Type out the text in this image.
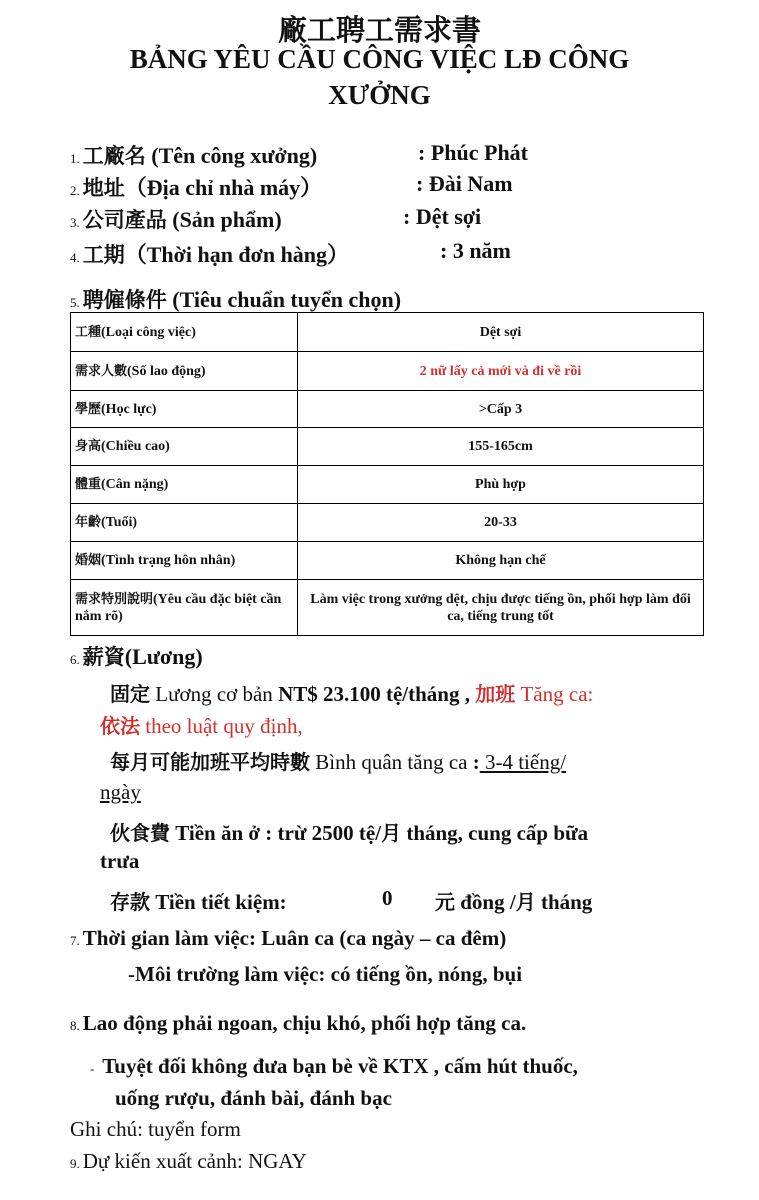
廠工聘工需求書
BẢNG YÊU CẦU CÔNG VIỆC LĐ CÔNG
XƯỞNG
1. 工廠名 (Tên công xưởng)	: Phúc Phát
2. 地址（Địa chỉ nhà máy）	: Đài Nam
3. 公司產品 (Sản phẩm)	: Dệt sợi
4. 工期（Thời hạn đơn hàng）	: 3 năm
5. 聘僱條件 (Tiêu chuẩn tuyển chọn)
工種(Loại công việc)	Dệt sợi
需求人數(Số lao động)	2 nữ lấy cả mới và đi về rồi
學歷(Học lực)	>Cấp 3
身高(Chiều cao)	155-165cm
體重(Cân nặng)	Phù hợp
年齡(Tuổi)	20-33
婚姻(Tình trạng hôn nhân)	Không hạn chế
需求特別說明(Yêu cầu đặc biệt cần nắm rõ)	Làm việc trong xưởng dệt, chịu được tiếng ồn, phối hợp làm đổi ca, tiếng trung tốt
6. 薪資(Lương)
固定 Lương cơ bản NT$ 23.100 tệ/tháng , 加班 Tăng ca:
依法 theo luật quy định,
每月可能加班平均時數 Bình quân tăng ca : 3-4 tiếng/
ngày
伙食費 Tiền ăn ở : trừ 2500 tệ/月 tháng, cung cấp bữa
trưa
存款 Tiền tiết kiệm:	0 元 đồng /月 tháng
7. Thời gian làm việc: Luân ca (ca ngày – ca đêm)
-Môi trường làm việc: có tiếng ồn, nóng, bụi
8. Lao động phải ngoan, chịu khó, phối hợp tăng ca.
- Tuyệt đối không đưa bạn bè về KTX , cấm hút thuốc,
uống rượu, đánh bài, đánh bạc
Ghi chú: tuyển form
9. Dự kiến xuất cảnh: NGAY
